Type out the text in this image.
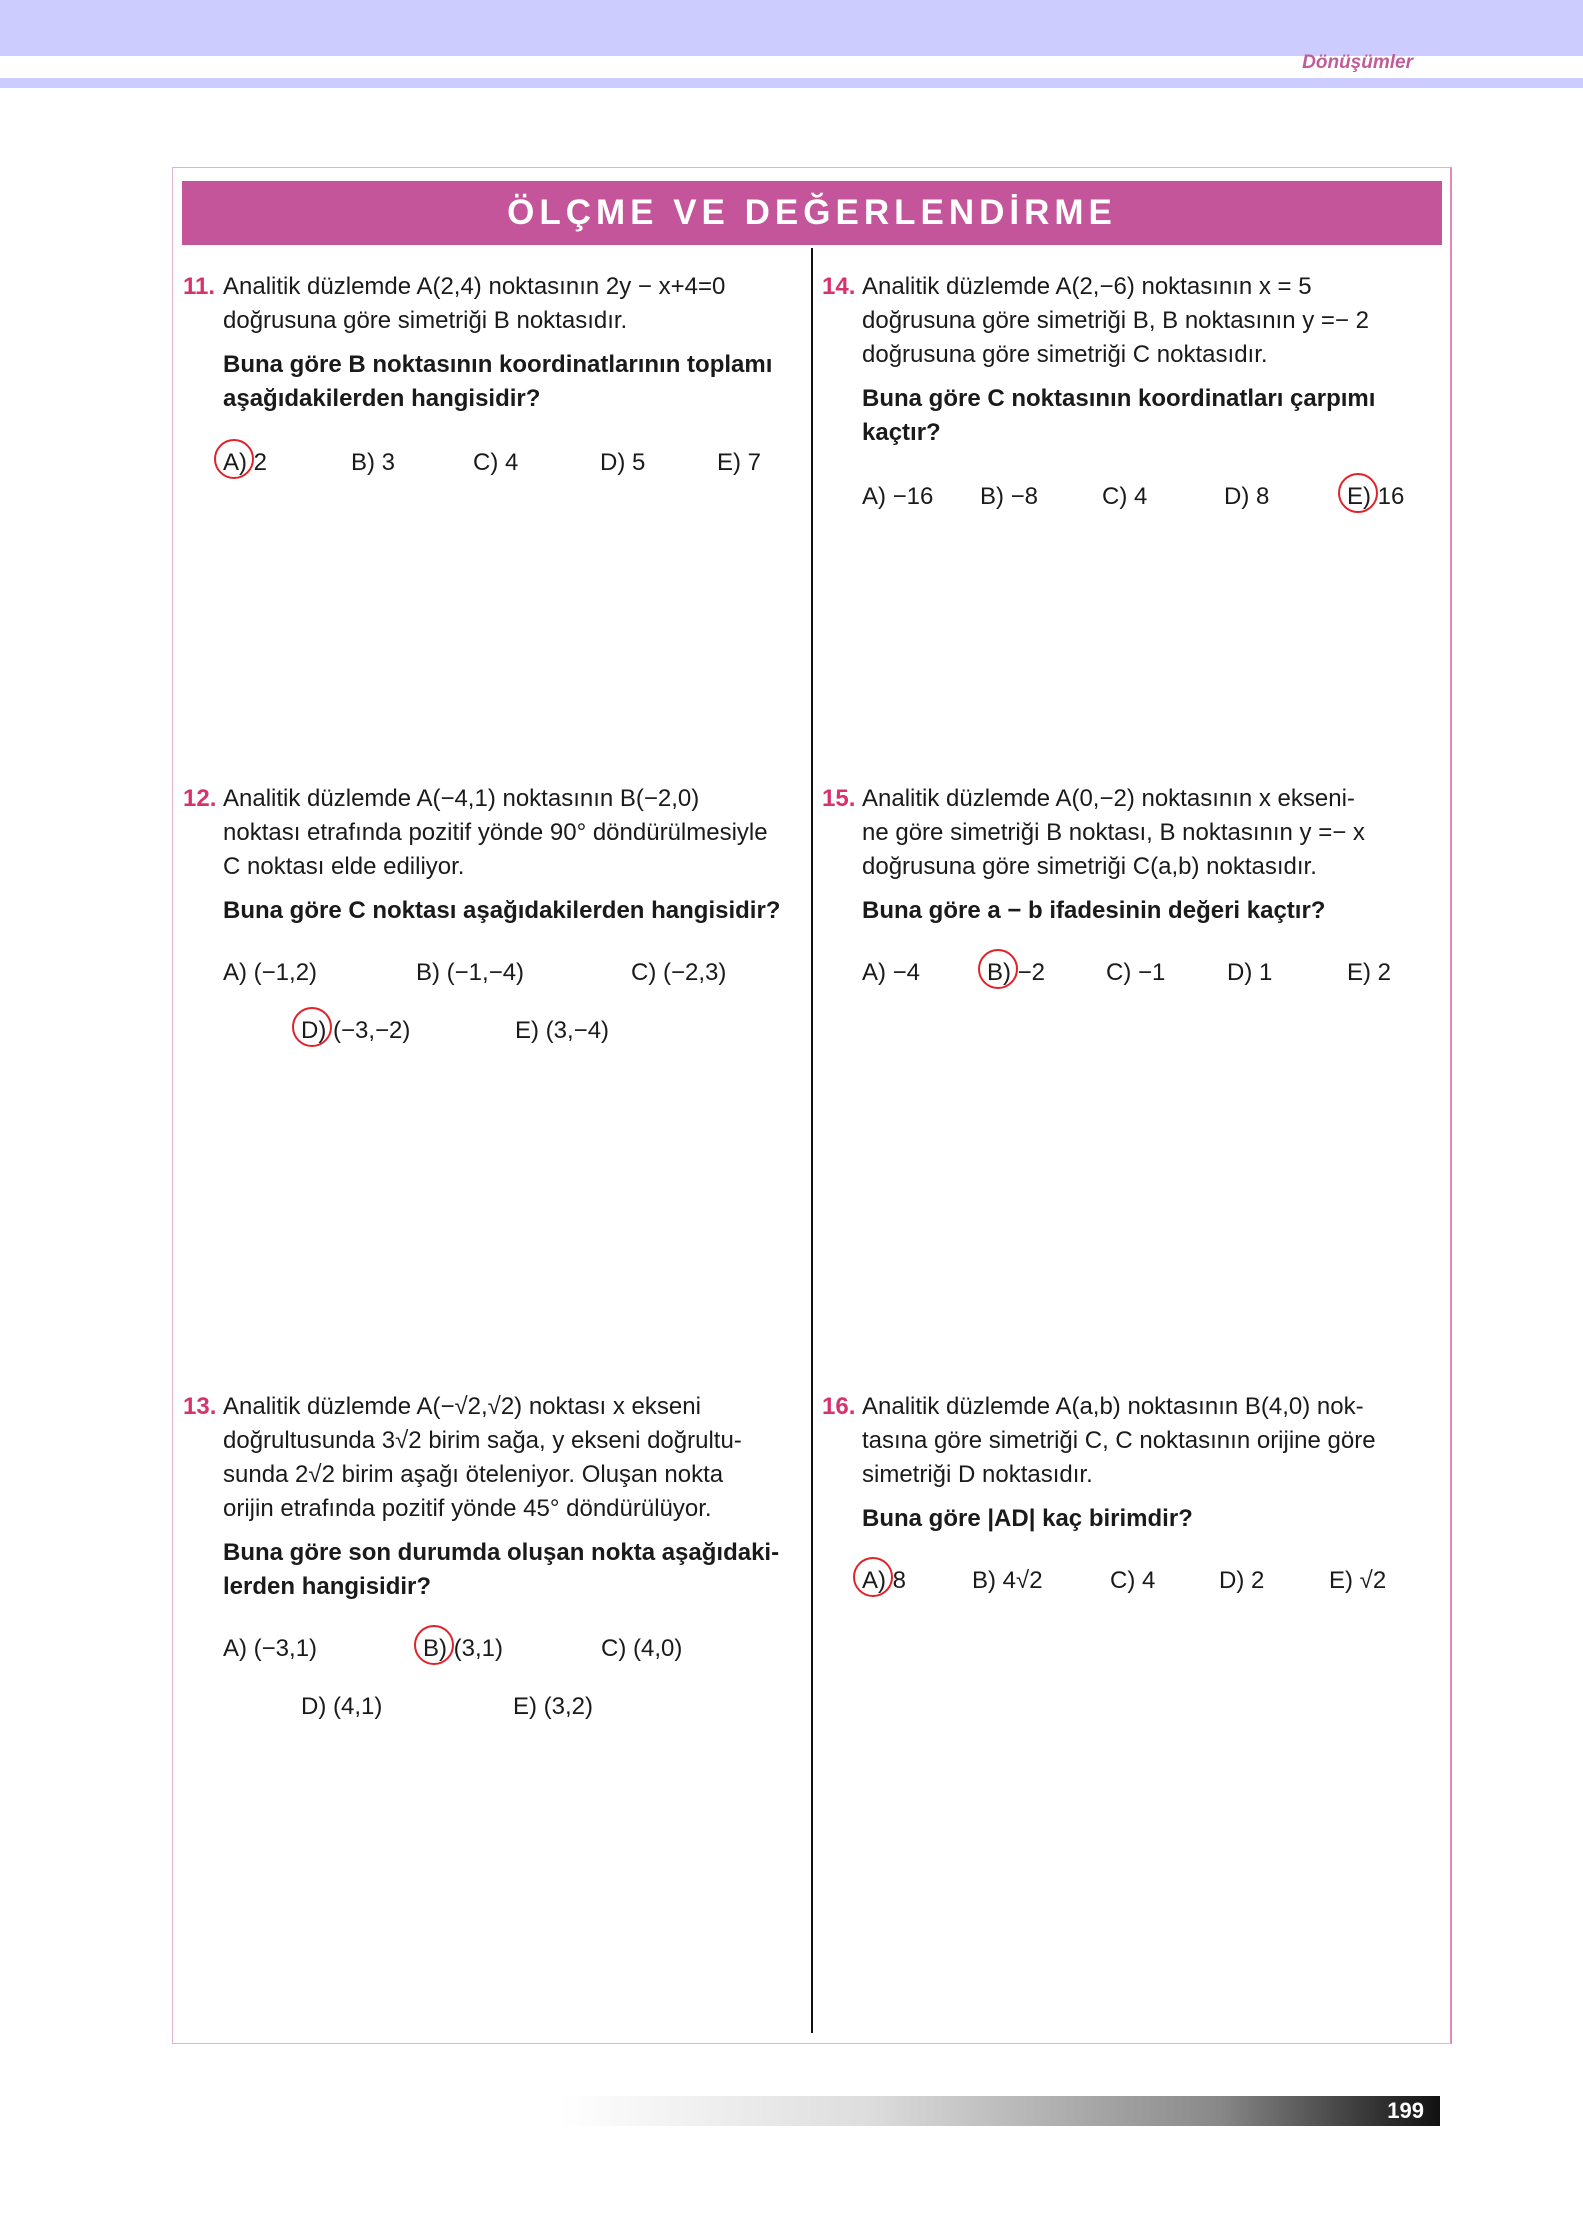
Dönüşümler
ÖLÇME VE DEĞERLENDİRME
11. Analitik düzlemde A(2,4) noktasının 2y − x+4=0
doğrusuna göre simetriği B noktasıdır.
Buna göre B noktasının koordinatlarının toplamı
aşağıdakilerden hangisidir?
A)
2	B) 3	C) 4	D) 5	E) 7
12. Analitik düzlemde A(−4,1) noktasının B(−2,0)
noktası etrafında pozitif yönde 90° döndürülmesiyle
C noktası elde ediliyor.
Buna göre C noktası aşağıdakilerden hangisidir?
A) (−1,2)	B) (−1,−4)	C) (−2,3)
D)
(−3,−2)	E) (3,−4)
13. Analitik düzlemde A(−√2,√2) noktası x ekseni
doğrultusunda 3√2 birim sağa, y ekseni doğrultu-
sunda 2√2 birim aşağı öteleniyor. Oluşan nokta
orijin etrafında pozitif yönde 45° döndürülüyor.
Buna göre son durumda oluşan nokta aşağıdaki-
lerden hangisidir?
A) (−3,1)	B)
(3,1)	C) (4,0)
D) (4,1)	E) (3,2)
14. Analitik düzlemde A(2,−6) noktasının x = 5
doğrusuna göre simetriği B, B noktasının y =− 2
doğrusuna göre simetriği C noktasıdır.
Buna göre C noktasının koordinatları çarpımı
kaçtır?
A) −16 B) −8	C) 4	D) 8	E)
16
15. Analitik düzlemde A(0,−2) noktasının x ekseni-
ne göre simetriği B noktası, B noktasının y =− x
doğrusuna göre simetriği C(a,b) noktasıdır.
Buna göre a − b ifadesinin değeri kaçtır?
A) −4	B)
−2	C) −1	D) 1	E) 2
16. Analitik düzlemde A(a,b) noktasının B(4,0) nok-
tasına göre simetriği C, C noktasının orijine göre
simetriği D noktasıdır.
Buna göre |AD| kaç birimdir?
A)
8	B) 4√2	C) 4	D) 2	E) √2
199
